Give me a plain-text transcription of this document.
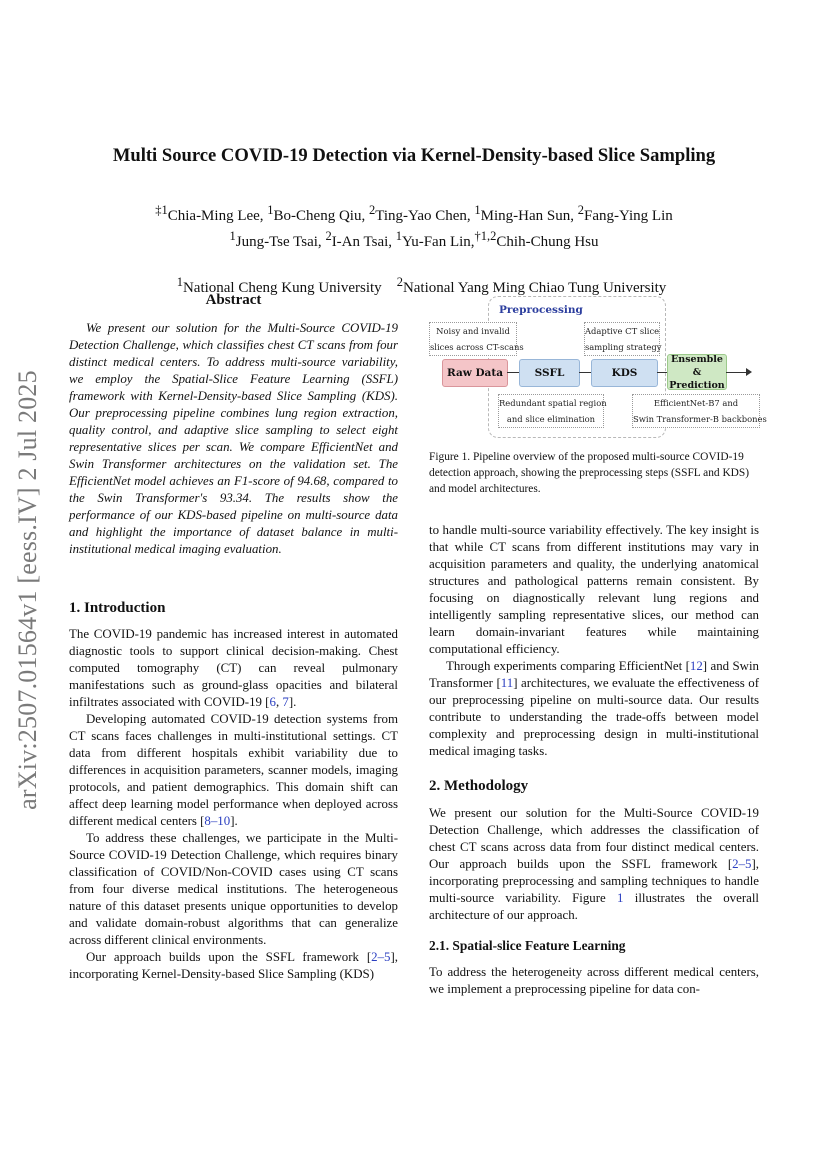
arXiv:2507.01564v1 [eess.IV] 2 Jul 2025
Multi Source COVID-19 Detection via Kernel-Density-based Slice Sampling
$^{\ddagger 1}$Chia-Ming Lee, $^1$Bo-Cheng Qiu, $^2$Ting-Yao Chen, $^1$Ming-Han Sun, $^2$Fang-Ying Lin
$^1$Jung-Tse Tsai, $^2$I-An Tsai, $^1$Yu-Fan Lin,$^{\dagger 1,2}$Chih-Chung Hsu

$^1$National Cheng Kung University    $^2$National Yang Ming Chiao Tung University

Abstract

We present our solution for the Multi-Source COVID-19 Detection Challenge, which classifies chest CT scans from four distinct medical centers. To address multi-source variability, we employ the Spatial-Slice Feature Learning (SSFL) framework with Kernel-Density-based Slice Sampling (KDS). Our preprocessing pipeline combines lung region extraction, quality control, and adaptive slice sampling to select eight representative slices per scan. We compare EfficientNet and Swin Transformer architectures on the validation set. The EfficientNet model achieves an F1-score of 94.68, compared to the Swin Transformer's 93.34. The results show the performance of our KDS-based pipeline on multi-source data and highlight the importance of dataset balance in multi-institutional medical imaging evaluation.

1. Introduction

The COVID-19 pandemic has increased interest in automated diagnostic tools to support clinical decision-making. Chest computed tomography (CT) can reveal pulmonary manifestations such as ground-glass opacities and bilateral infiltrates associated with COVID-19 [6, 7].

Developing automated COVID-19 detection systems from CT scans faces challenges in multi-institutional settings. CT data from different hospitals exhibit variability due to differences in acquisition parameters, scanner models, imaging protocols, and patient demographics. This domain shift can affect deep learning model performance when deployed across different medical centers [8–10].

To address these challenges, we participate in the Multi-Source COVID-19 Detection Challenge, which requires binary classification of COVID/Non-COVID cases using CT scans from four diverse medical institutions. The heterogeneous nature of this dataset presents unique opportunities to develop and validate domain-robust algorithms that can generalize across different clinical environments.

Our approach builds upon the SSFL framework [2–5], incorporating Kernel-Density-based Slice Sampling (KDS)

Preprocessing
Noisy and invalid
slices across CT-scans
Adaptive CT slice
sampling strategy
Raw Data	SSFL	KDS
Ensemble &
Prediction
Redundant spatial region
and slice elimination
EfficientNet-B7 and
Swin Transformer-B backbones
Figure 1. Pipeline overview of the proposed multi-source COVID-19 detection approach, showing the preprocessing steps (SSFL and KDS) and model architectures.

to handle multi-source variability effectively. The key insight is that while CT scans from different institutions may vary in acquisition parameters and quality, the underlying anatomical structures and pathological patterns remain consistent. By focusing on diagnostically relevant lung regions and intelligently sampling representative slices, our method can learn domain-invariant features while maintaining computational efficiency.

Through experiments comparing EfficientNet [12] and Swin Transformer [11] architectures, we evaluate the effectiveness of our preprocessing pipeline on multi-source data. Our results contribute to understanding the trade-offs between model complexity and preprocessing design in multi-institutional medical imaging tasks.

2. Methodology

We present our solution for the Multi-Source COVID-19 Detection Challenge, which addresses the classification of chest CT scans across data from four distinct medical centers. Our approach builds upon the SSFL framework [2–5], incorporating preprocessing and sampling techniques to handle multi-source variability. Figure 1 illustrates the overall architecture of our approach.

2.1. Spatial-slice Feature Learning

To address the heterogeneity across different medical centers, we implement a preprocessing pipeline for data con-
